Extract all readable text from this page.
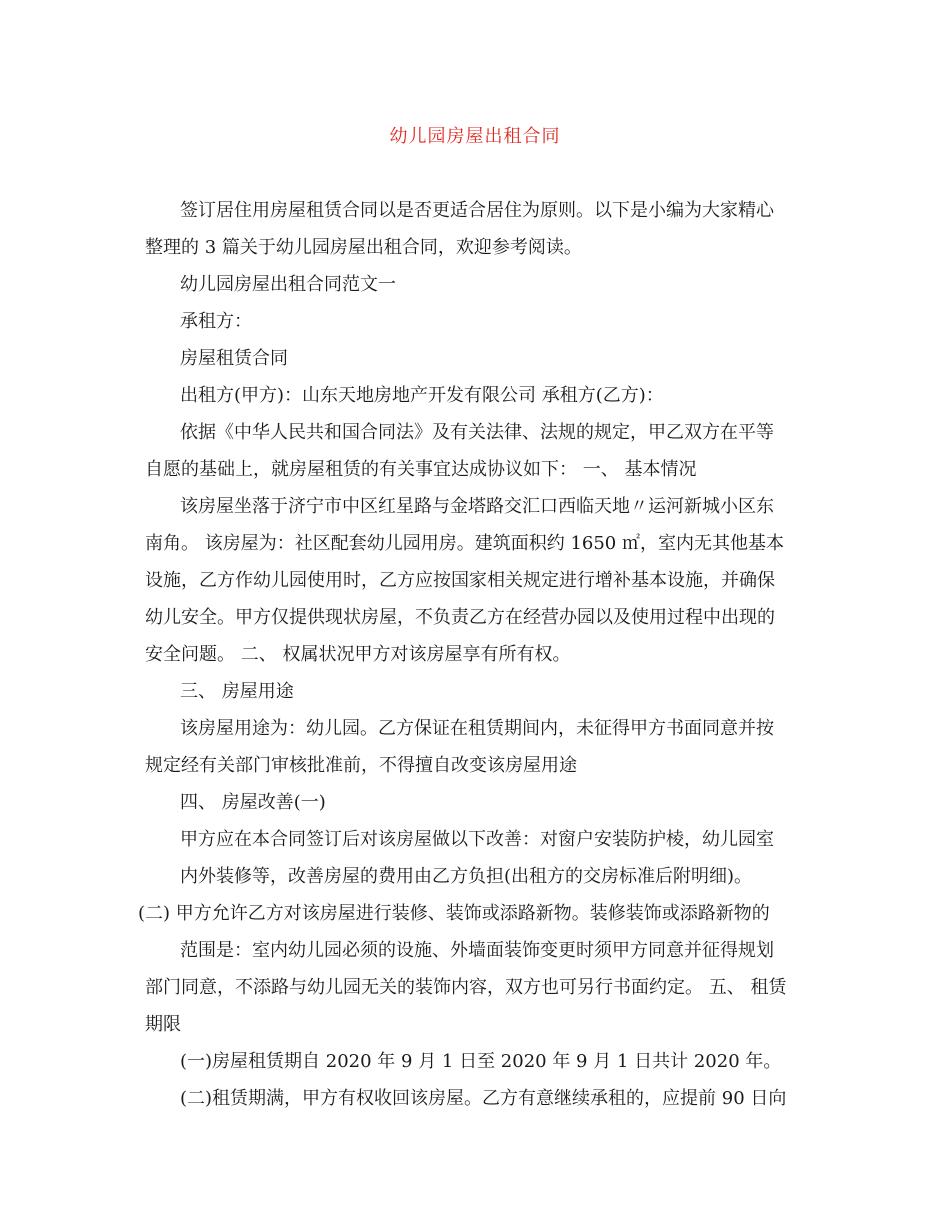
幼儿园房屋出租合同
签订居住用房屋租赁合同以是否更适合居住为原则。以下是小编为大家精心
整理的 3 篇关于幼儿园房屋出租合同，欢迎参考阅读。
幼儿园房屋出租合同范文一
承租方：
房屋租赁合同
出租方(甲方)：山东天地房地产开发有限公司 承租方(乙方)：
依据《中华人民共和国合同法》及有关法律、法规的规定，甲乙双方在平等
自愿的基础上，就房屋租赁的有关事宜达成协议如下： 一、 基本情况
该房屋坐落于济宁市中区红星路与金塔路交汇口西临天地〃运河新城小区东
南角。 该房屋为：社区配套幼儿园用房。建筑面积约 1650 ㎡，室内无其他基本
设施，乙方作幼儿园使用时，乙方应按国家相关规定进行增补基本设施，并确保
幼儿安全。甲方仅提供现状房屋，不负责乙方在经营办园以及使用过程中出现的
安全问题。 二、 权属状况甲方对该房屋享有所有权。
三、 房屋用途
该房屋用途为：幼儿园。乙方保证在租赁期间内，未征得甲方书面同意并按
规定经有关部门审核批准前，不得擅自改变该房屋用途
四、 房屋改善(一)
甲方应在本合同签订后对该房屋做以下改善：对窗户安装防护棱，幼儿园室
内外装修等，改善房屋的费用由乙方负担(出租方的交房标准后附明细)。
(二) 甲方允许乙方对该房屋进行装修、装饰或添路新物。装修装饰或添路新物的
范围是：室内幼儿园必须的设施、外墙面装饰变更时须甲方同意并征得规划
部门同意，不添路与幼儿园无关的装饰内容，双方也可另行书面约定。 五、 租赁
期限
(一)房屋租赁期自 2020 年 9 月 1 日至 2020 年 9 月 1 日共计 2020 年。
(二)租赁期满，甲方有权收回该房屋。乙方有意继续承租的，应提前 90 日向
